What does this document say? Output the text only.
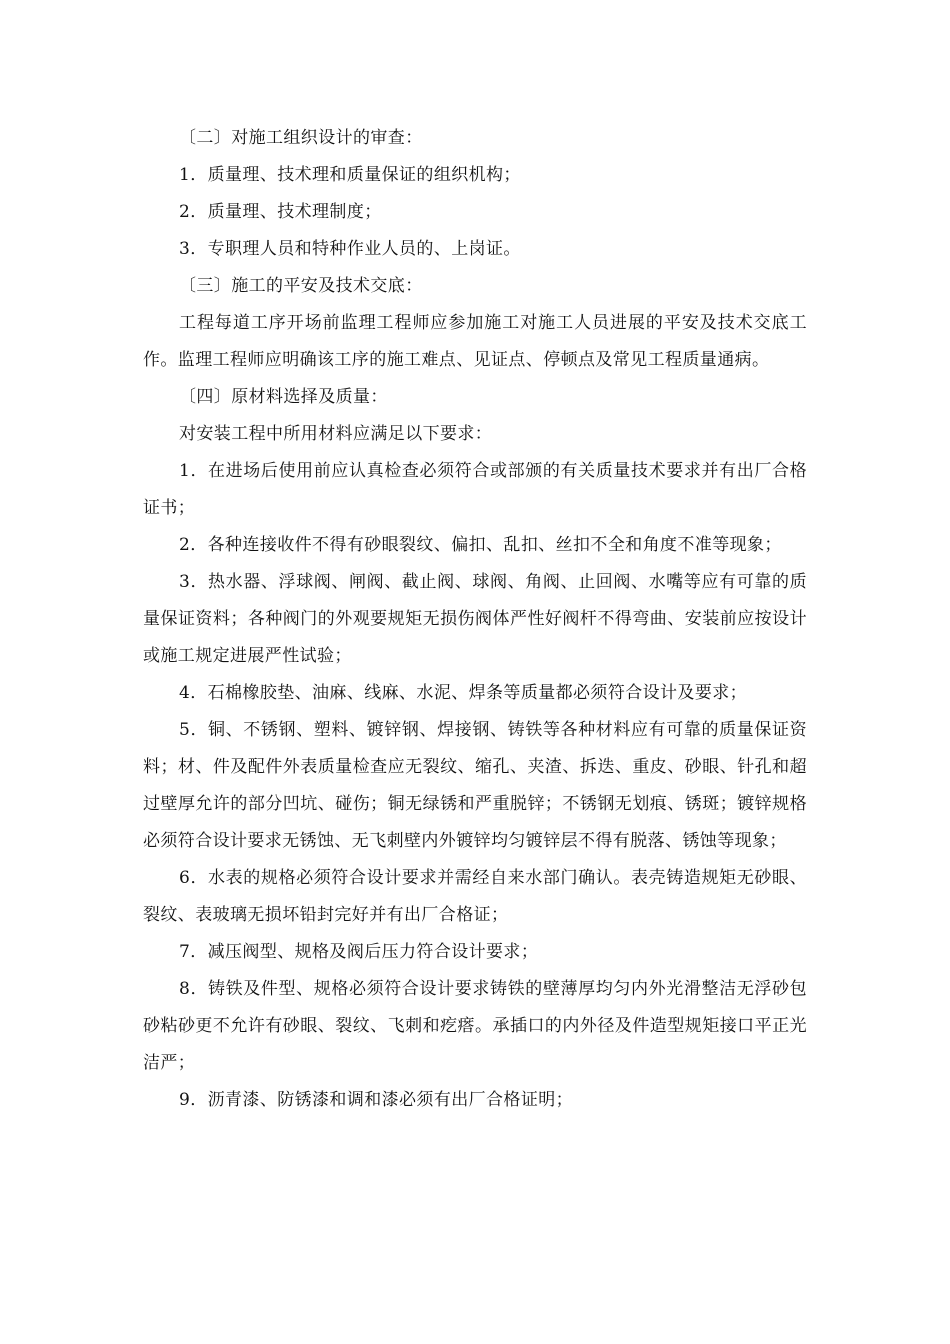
〔二〕对施工组织设计的审查：

1．质量理、技术理和质量保证的组织机构；

2．质量理、技术理制度；

3．专职理人员和特种作业人员的、上岗证。

〔三〕施工的平安及技术交底：

工程每道工序开场前监理工程师应参加施工对施工人员进展的平安及技术交底工作。监理工程师应明确该工序的施工难点、见证点、停顿点及常见工程质量通病。

〔四〕原材料选择及质量：

对安装工程中所用材料应满足以下要求：

1．在进场后使用前应认真检查必须符合或部颁的有关质量技术要求并有出厂合格证书；

2．各种连接收件不得有砂眼裂纹、偏扣、乱扣、丝扣不全和角度不准等现象；

3．热水器、浮球阀、闸阀、截止阀、球阀、角阀、止回阀、水嘴等应有可靠的质量保证资料；各种阀门的外观要规矩无损伤阀体严性好阀杆不得弯曲、安装前应按设计或施工规定进展严性试验；

4．石棉橡胶垫、油麻、线麻、水泥、焊条等质量都必须符合设计及要求；

5．铜、不锈钢、塑料、镀锌钢、焊接钢、铸铁等各种材料应有可靠的质量保证资料；材、件及配件外表质量检查应无裂纹、缩孔、夹渣、拆迭、重皮、砂眼、针孔和超过壁厚允许的部分凹坑、碰伤；铜无绿锈和严重脱锌；不锈钢无划痕、锈斑；镀锌规格必须符合设计要求无锈蚀、无飞刺壁内外镀锌均匀镀锌层不得有脱落、锈蚀等现象；

6．水表的规格必须符合设计要求并需经自来水部门确认。表壳铸造规矩无砂眼、裂纹、表玻璃无损坏铅封完好并有出厂合格证；

7．减压阀型、规格及阀后压力符合设计要求；

8．铸铁及件型、规格必须符合设计要求铸铁的壁薄厚均匀内外光滑整洁无浮砂包砂粘砂更不允许有砂眼、裂纹、飞刺和疙瘩。承插口的内外径及件造型规矩接口平正光洁严；

9．沥青漆、防锈漆和调和漆必须有出厂合格证明；
